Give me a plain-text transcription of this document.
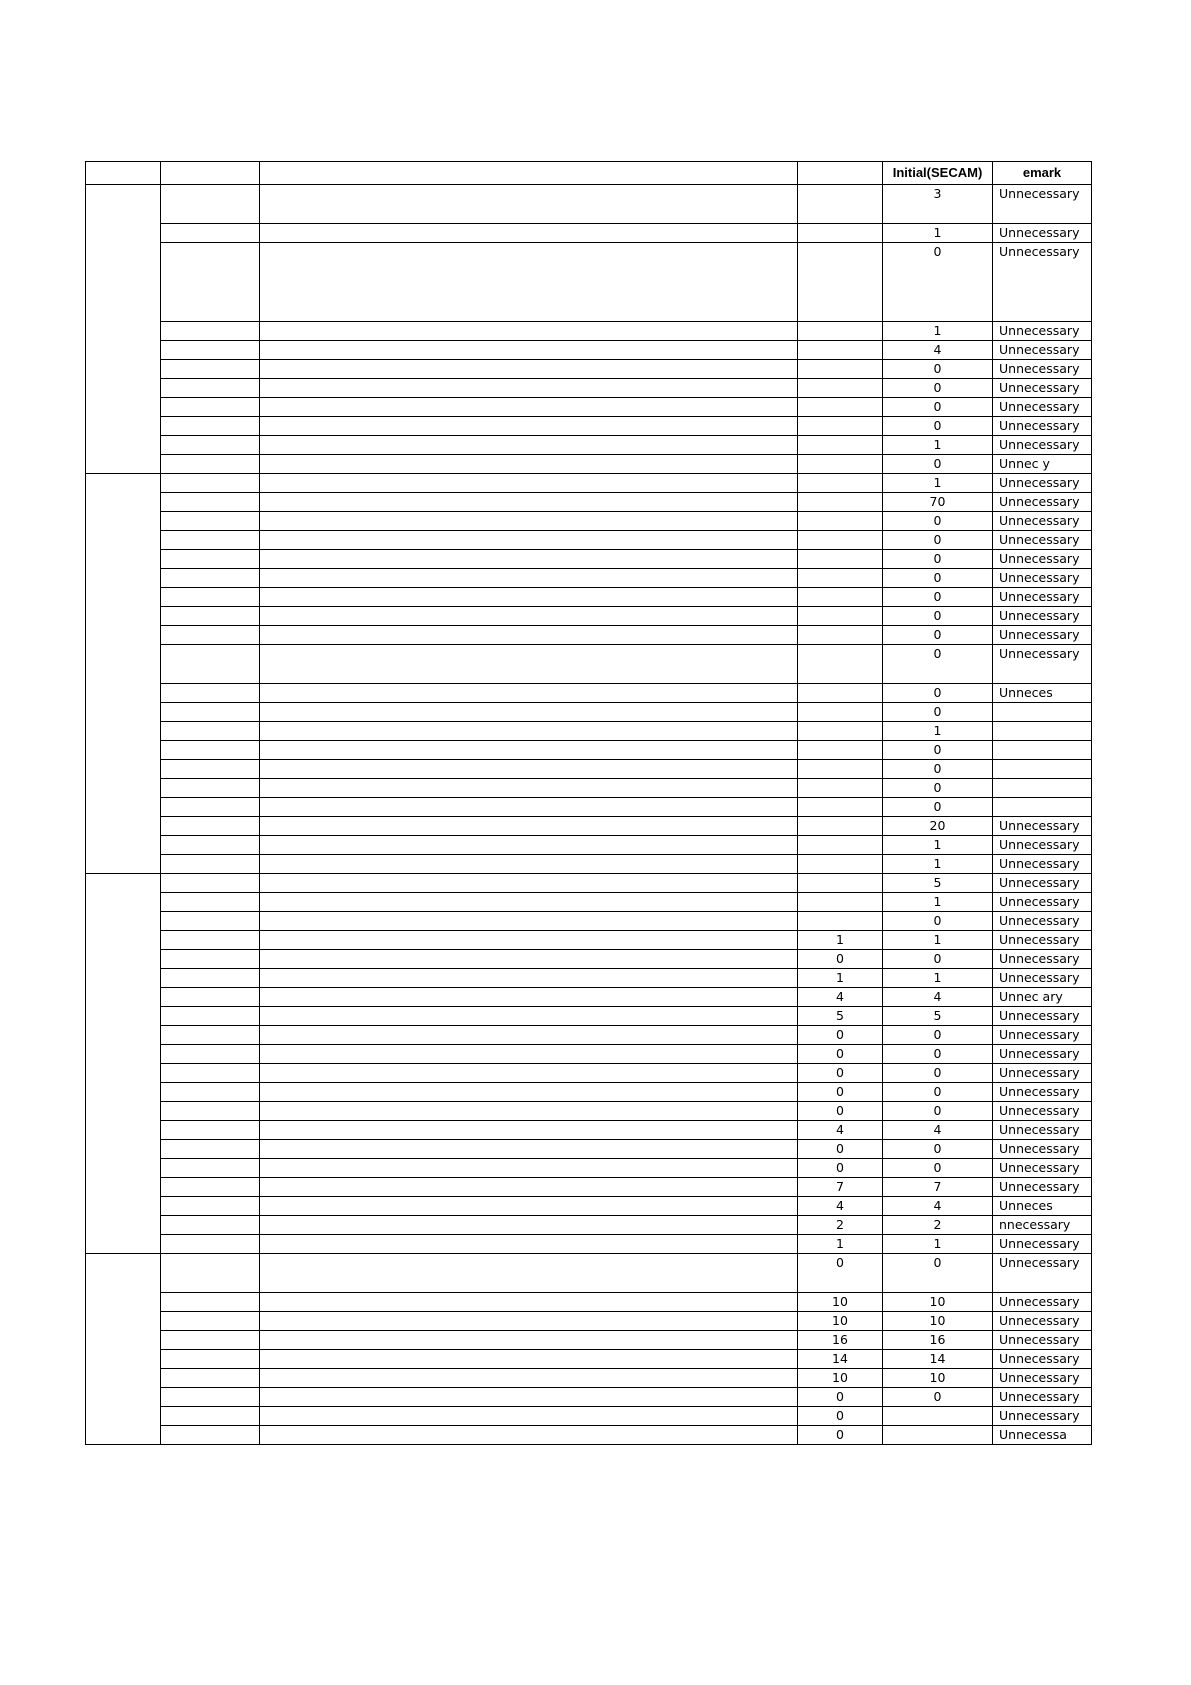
				Initial(SECAM)	emark
				3	Unnecessary
				1	Unnecessary
				0	Unnecessary
				1	Unnecessary
				4	Unnecessary
				0	Unnecessary
				0	Unnecessary
				0	Unnecessary
				0	Unnecessary
				1	Unnecessary
				0	Unnec y
				1	Unnecessary
				70	Unnecessary
				0	Unnecessary
				0	Unnecessary
				0	Unnecessary
				0	Unnecessary
				0	Unnecessary
				0	Unnecessary
				0	Unnecessary
				0	Unnecessary
				0	Unneces
				0	
				1	
				0	
				0	
				0	
				0	
				20	Unnecessary
				1	Unnecessary
				1	Unnecessary
				5	Unnecessary
				1	Unnecessary
				0	Unnecessary
			1	1	Unnecessary
			0	0	Unnecessary
			1	1	Unnecessary
			4	4	Unnec ary
			5	5	Unnecessary
			0	0	Unnecessary
			0	0	Unnecessary
			0	0	Unnecessary
			0	0	Unnecessary
			0	0	Unnecessary
			4	4	Unnecessary
			0	0	Unnecessary
			0	0	Unnecessary
			7	7	Unnecessary
			4	4	Unneces
			2	2	nnecessary
			1	1	Unnecessary
			0	0	Unnecessary
			10	10	Unnecessary
			10	10	Unnecessary
			16	16	Unnecessary
			14	14	Unnecessary
			10	10	Unnecessary
			0	0	Unnecessary
			0		Unnecessary
			0		Unnecessa
